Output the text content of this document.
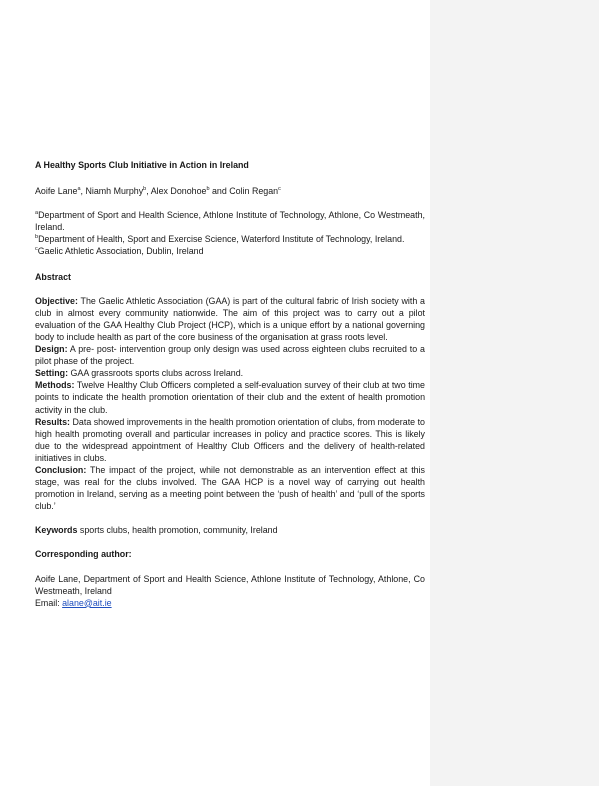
A Healthy Sports Club Initiative in Action in Ireland

Aoife Lane$^a$, Niamh Murphy$^b$, Alex Donohoe$^b$ and Colin Regan$^c$

$^a$Department of Sport and Health Science, Athlone Institute of Technology, Athlone, Co Westmeath, Ireland.

$^b$Department of Health, Sport and Exercise Science, Waterford Institute of Technology, Ireland.

$^c$Gaelic Athletic Association, Dublin, Ireland

Abstract

Objective: The Gaelic Athletic Association (GAA) is part of the cultural fabric of Irish society with a club in almost every community nationwide. The aim of this project was to carry out a pilot evaluation of the GAA Healthy Club Project (HCP), which is a unique effort by a national governing body to include health as part of the core business of the organisation at grass roots level.

Design: A pre- post- intervention group only design was used across eighteen clubs recruited to a pilot phase of the project.

Setting: GAA grassroots sports clubs across Ireland.

Methods: Twelve Healthy Club Officers completed a self-evaluation survey of their club at two time points to indicate the health promotion orientation of their club and the extent of health promotion activity in the club.

Results: Data showed improvements in the health promotion orientation of clubs, from moderate to high health promoting overall and particular increases in policy and practice scores. This is likely due to the widespread appointment of Healthy Club Officers and the delivery of health-related initiatives in clubs.

Conclusion: The impact of the project, while not demonstrable as an intervention effect at this stage, was real for the clubs involved. The GAA HCP is a novel way of carrying out health promotion in Ireland, serving as a meeting point between the ‘push of health’ and ‘pull of the sports club.’

Keywords sports clubs, health promotion, community, Ireland

Corresponding author:

Aoife Lane, Department of Sport and Health Science, Athlone Institute of Technology, Athlone, Co Westmeath, Ireland

Email: alane@ait.ie
